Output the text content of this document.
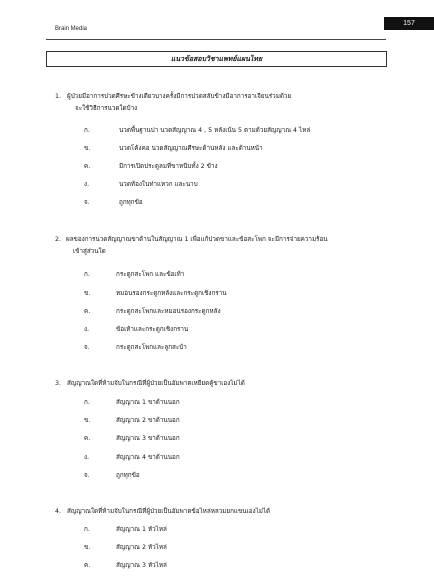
157
Brain Media
แนวข้อสอบวิชาแพทย์แผนไทย
1. ผู้ป่วยมีอาการปวดศีรษะข้างเดียวบางครั้งมีการปวดสลับข้างมีอาการอาเจียนร่วมด้วย
จะใช้วิธีการนวดใดบ้าง
ก.	นวดพื้นฐานบ่า นวดสัญญาณ 4 , 5 หลังเน้น 5 ตามด้วยสัญญาณ 4 ไหล่
ข.	นวดโค้งคอ นวดสัญญาณศีรษะด้านหลัง และด้านหน้า
ค.	มีการเปิดประตูลมที่ขาหนีบทั้ง 2 ข้าง
ง.	นวดท้องในท่าแหวก และนาบ
จ.	ถูกทุกข้อ
2. ผลของการนวดสัญญาณขาด้านในสัญญาณ 1 เพื่อแก้ปวดขาและข้อสะโพก จะมีการจ่ายความร้อน
เข้าสู่ส่วนใด
ก.	กระดูกสะโพก และข้อเท้า
ข.	หมอนรองกระดูกหลังและกระดูกเชิงกราน
ค.	กระดูกสะโพกและหมอนรองกระดูกหลัง
ง.	ข้อเท้าและกระดูกเชิงกราน
จ.	กระดูกสะโพกและลูกสะบ้า
3. สัญญาณใดที่ห้ามจับในกรณีที่ผู้ป่วยเป็นอัมพาตเหยียดคู้ขาเองไม่ได้
ก.	สัญญาณ 1 ขาด้านนอก
ข.	สัญญาณ 2 ขาด้านนอก
ค.	สัญญาณ 3 ขาด้านนอก
ง.	สัญญาณ 4 ขาด้านนอก
จ.	ถูกทุกข้อ
4. สัญญาณใดที่ห้ามจับในกรณีที่ผู้ป่วยเป็นอัมพาตข้อไหล่หลวมยกแขนเองไม่ได้
ก.	สัญญาณ 1 หัวไหล่
ข.	สัญญาณ 2 หัวไหล่
ค.	สัญญาณ 3 หัวไหล่
